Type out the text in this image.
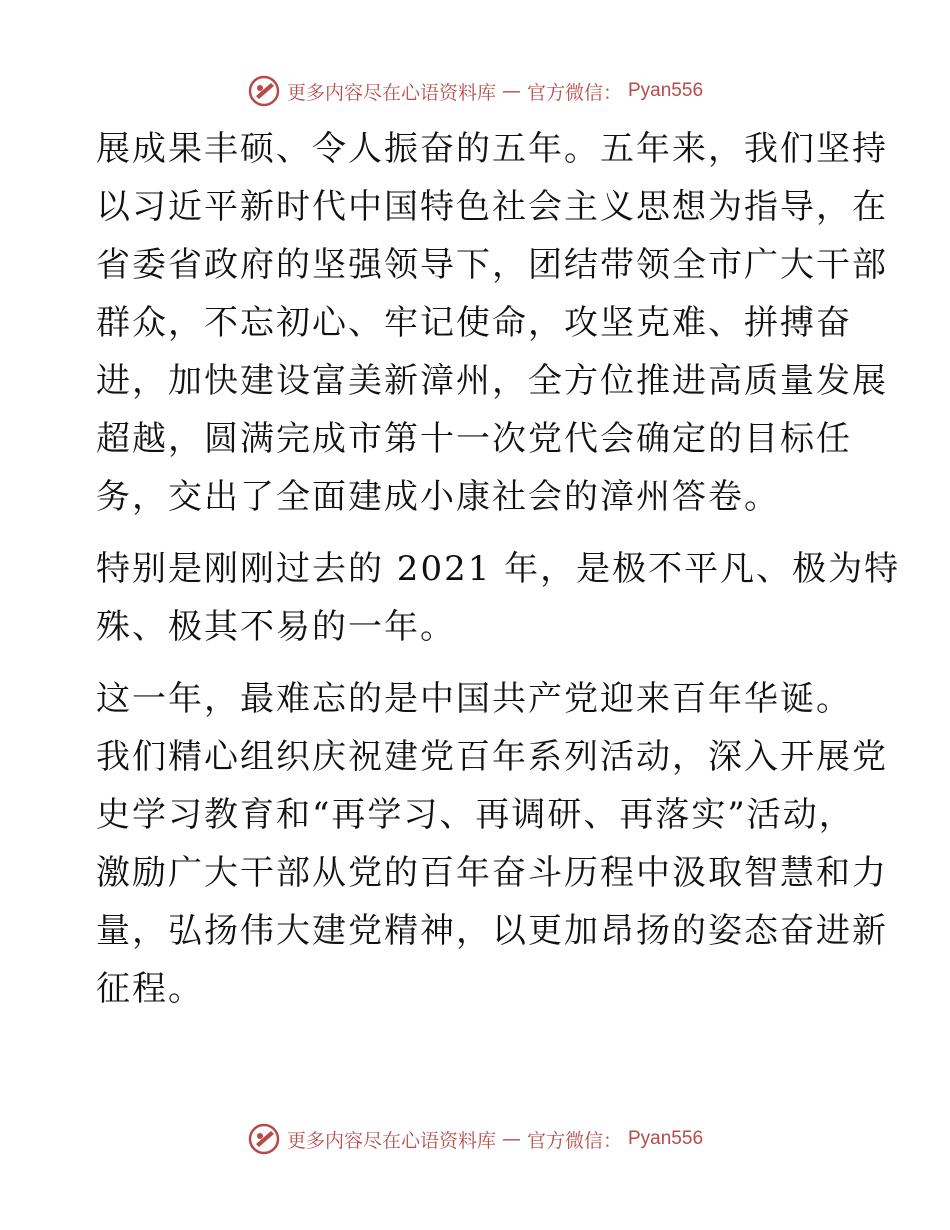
更多内容尽在心语资料库 — 官方微信： Pyan556

展成果丰硕、令人振奋的五年。五年来，我们坚持
以习近平新时代中国特色社会主义思想为指导，在
省委省政府的坚强领导下，团结带领全市广大干部
群众，不忘初心、牢记使命，攻坚克难、拼搏奋
进，加快建设富美新漳州，全方位推进高质量发展
超越，圆满完成市第十一次党代会确定的目标任
务，交出了全面建成小康社会的漳州答卷。

特别是刚刚过去的 2021 年，是极不平凡、极为特
殊、极其不易的一年。

这一年，最难忘的是中国共产党迎来百年华诞。
我们精心组织庆祝建党百年系列活动，深入开展党
史学习教育和“再学习、再调研、再落实”活动，
激励广大干部从党的百年奋斗历程中汲取智慧和力
量，弘扬伟大建党精神，以更加昂扬的姿态奋进新
征程。

更多内容尽在心语资料库 — 官方微信： Pyan556
